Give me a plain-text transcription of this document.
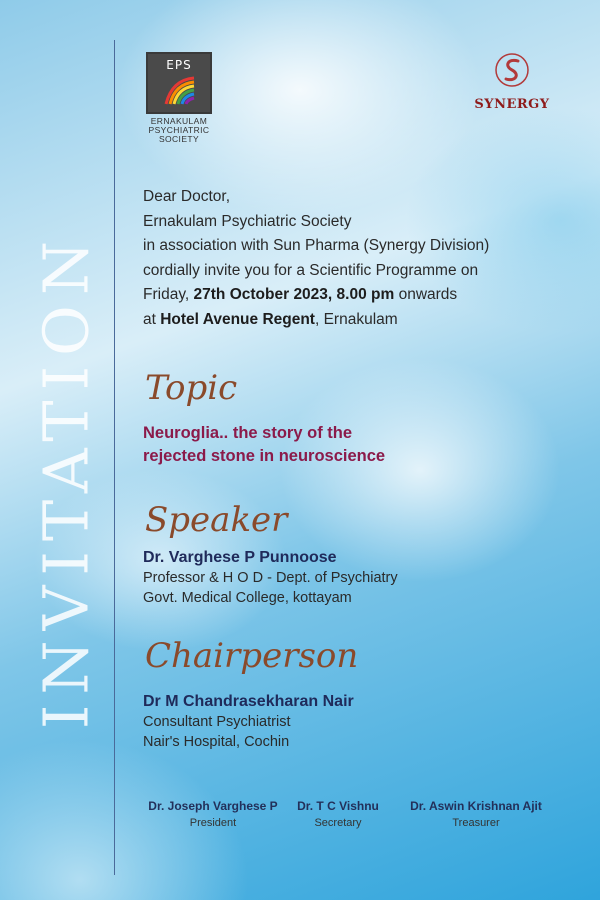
INVITATION
EPS
ERNAKULAM
PSYCHIATRIC
SOCIETY
SYNERGY

Dear Doctor,
Ernakulam Psychiatric Society
in association with Sun Pharma (Synergy Division)
cordially invite you for a Scientific Programme on
Friday, 27th October 2023, 8.00 pm onwards
at Hotel Avenue Regent, Ernakulam
Topic
Neuroglia.. the story of the
rejected stone in neuroscience
Speaker
Dr. Varghese P Punnoose
Professor & H O D - Dept. of Psychiatry
Govt. Medical College, kottayam
Chairperson
Dr M Chandrasekharan Nair
Consultant Psychiatrist
Nair's Hospital, Cochin
Dr. Joseph Varghese P
President
Dr. T C Vishnu
Secretary
Dr. Aswin Krishnan Ajit
Treasurer
